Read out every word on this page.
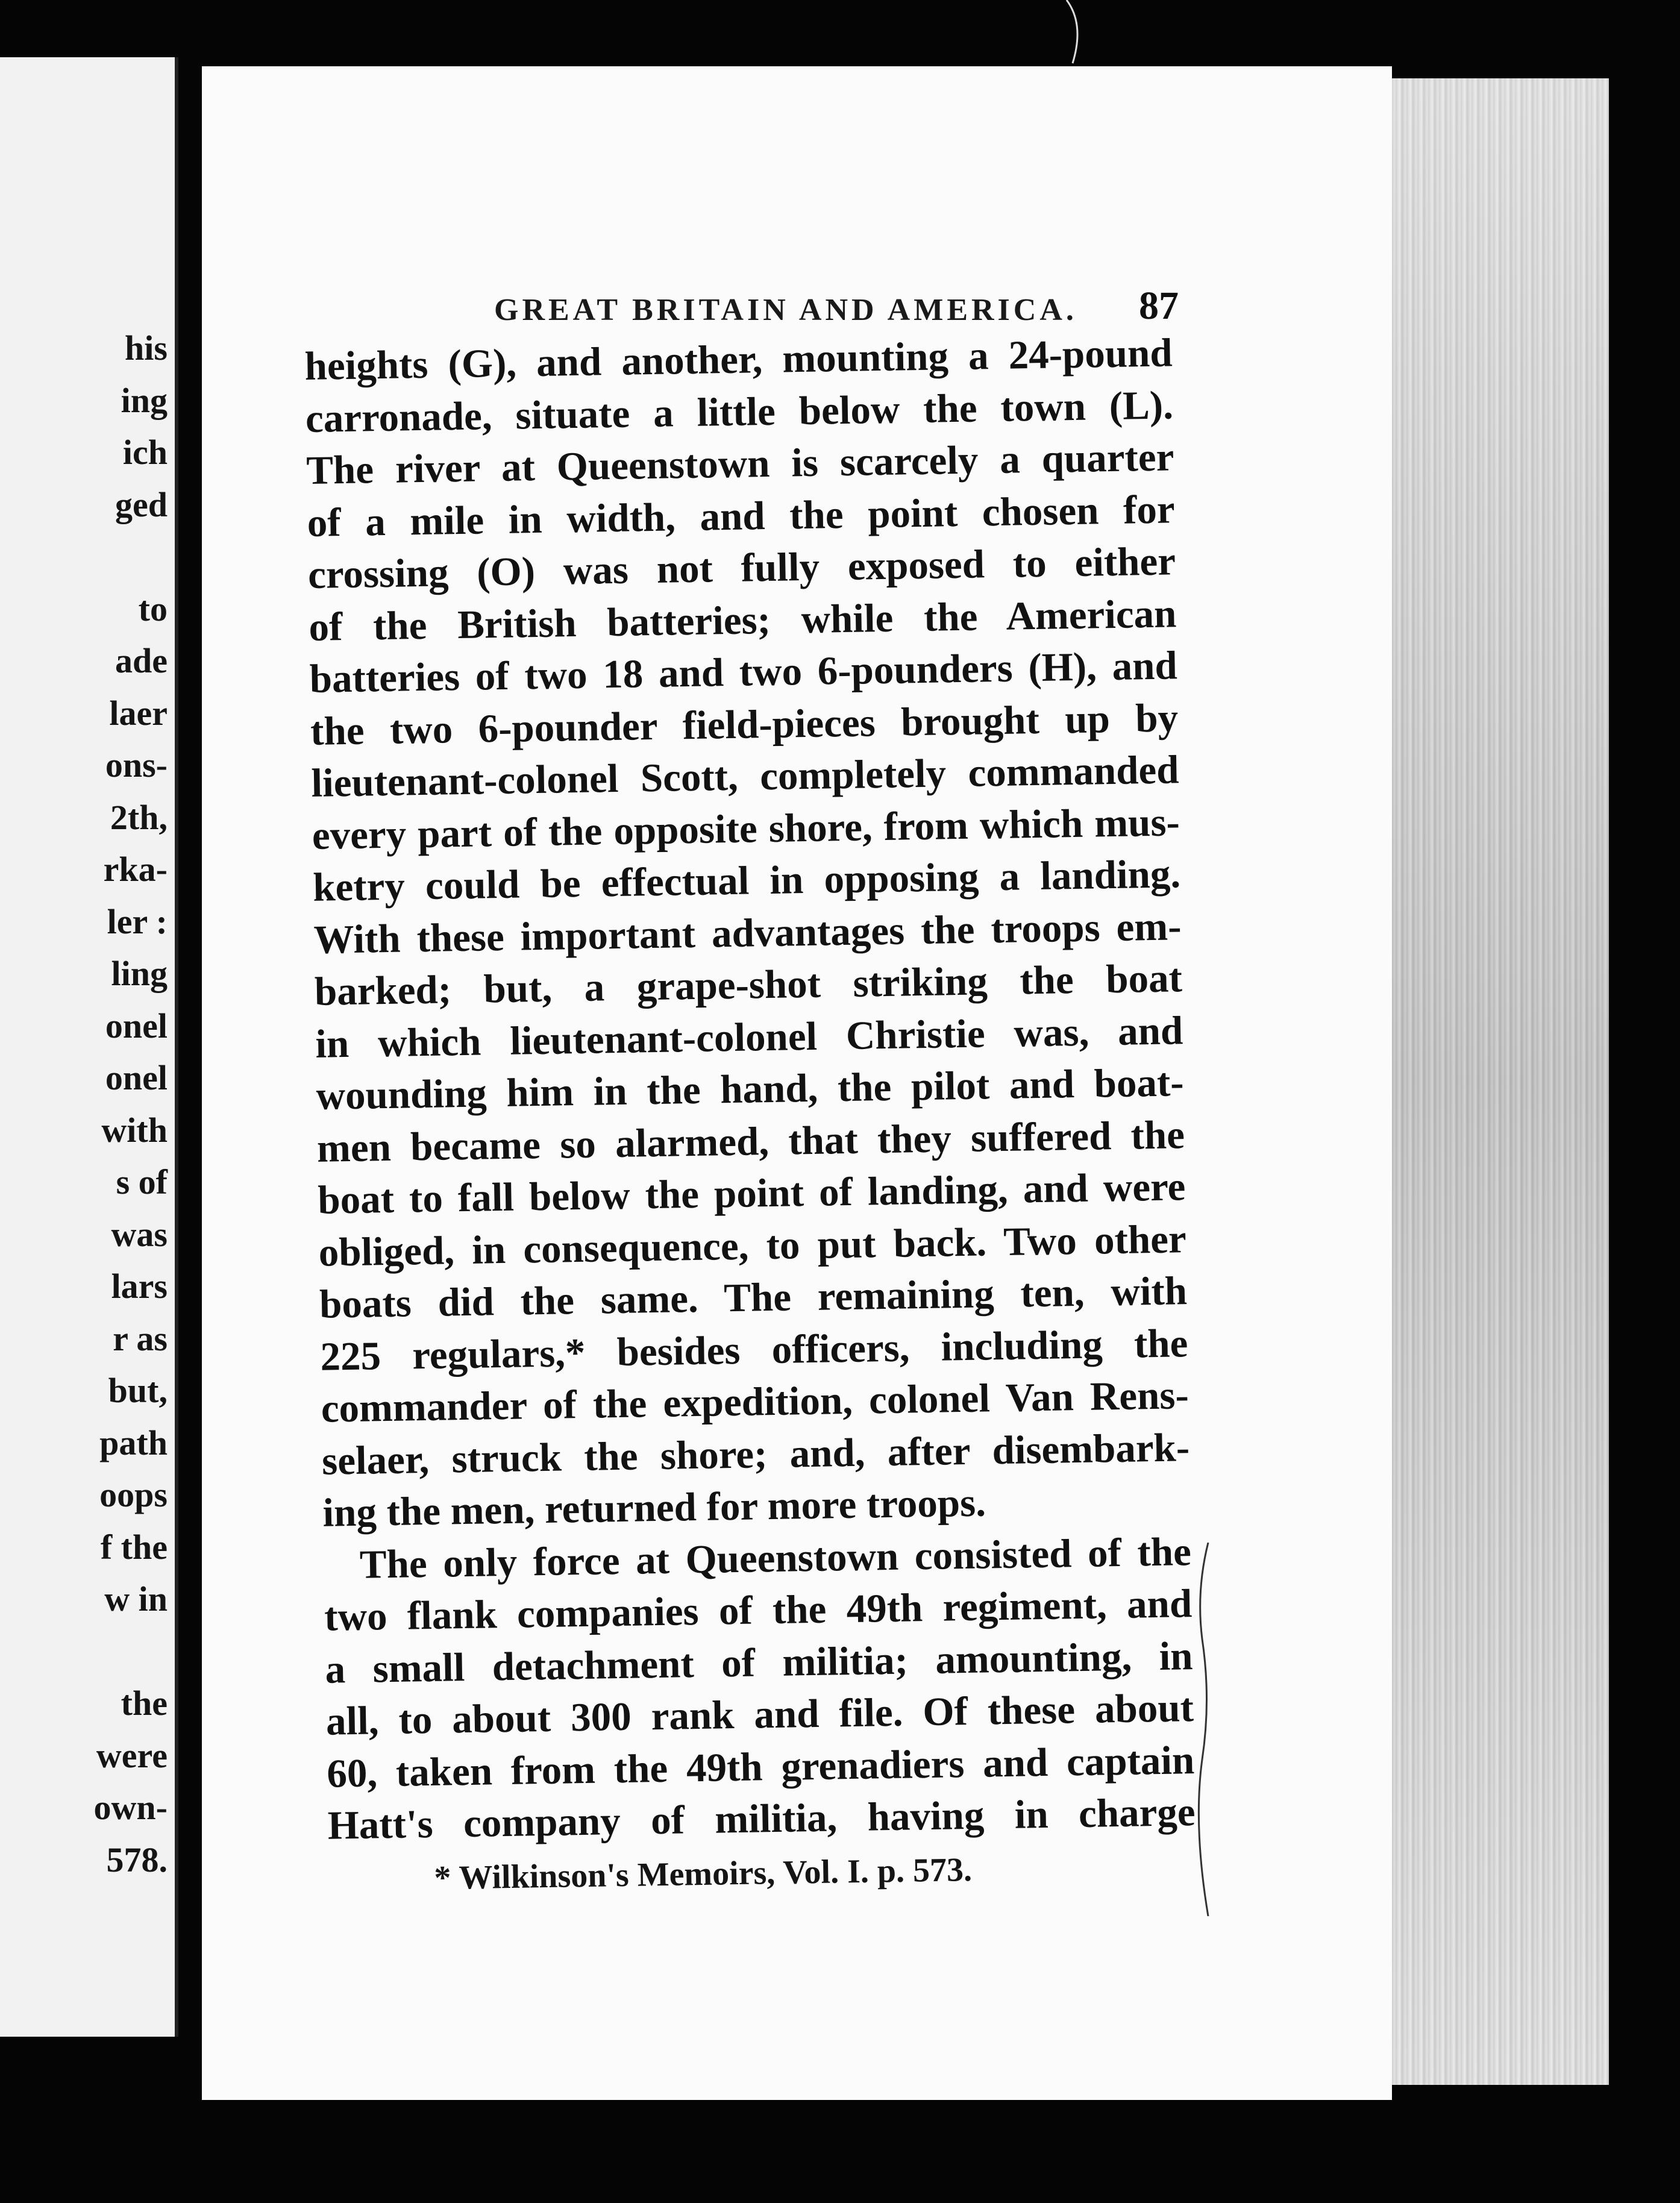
his
ing
ich
ged

to
ade
laer
ons-
2th,
rka-
ler :
ling
onel
onel
with
s of
was
lars
r as
but,
path
oops
f the
w in

the
were
own-
578.
GREAT BRITAIN AND AMERICA.	87
heights (G), and another, mounting a 24-pound
carronade, situate a little below the town (L).
The river at Queenstown is scarcely a quarter
of a mile in width, and the point chosen for
crossing (O) was not fully exposed to either
of the British batteries; while the American
batteries of two 18 and two 6-pounders (H), and
the two 6-pounder field-pieces brought up by
lieutenant-colonel Scott, completely commanded
every part of the opposite shore, from which mus-
ketry could be effectual in opposing a landing.
With these important advantages the troops em-
barked; but, a grape-shot striking the boat
in which lieutenant-colonel Christie was, and
wounding him in the hand, the pilot and boat-
men became so alarmed, that they suffered the
boat to fall below the point of landing, and were
obliged, in consequence, to put back. Two other
boats did the same. The remaining ten, with
225 regulars,* besides officers, including the
commander of the expedition, colonel Van Rens-
selaer, struck the shore; and, after disembark-
ing the men, returned for more troops.
The only force at Queenstown consisted of the
two flank companies of the 49th regiment, and
a small detachment of militia; amounting, in
all, to about 300 rank and file. Of these about
60, taken from the 49th grenadiers and captain
Hatt's company of militia, having in charge
* Wilkinson's Memoirs, Vol. I. p. 573.
